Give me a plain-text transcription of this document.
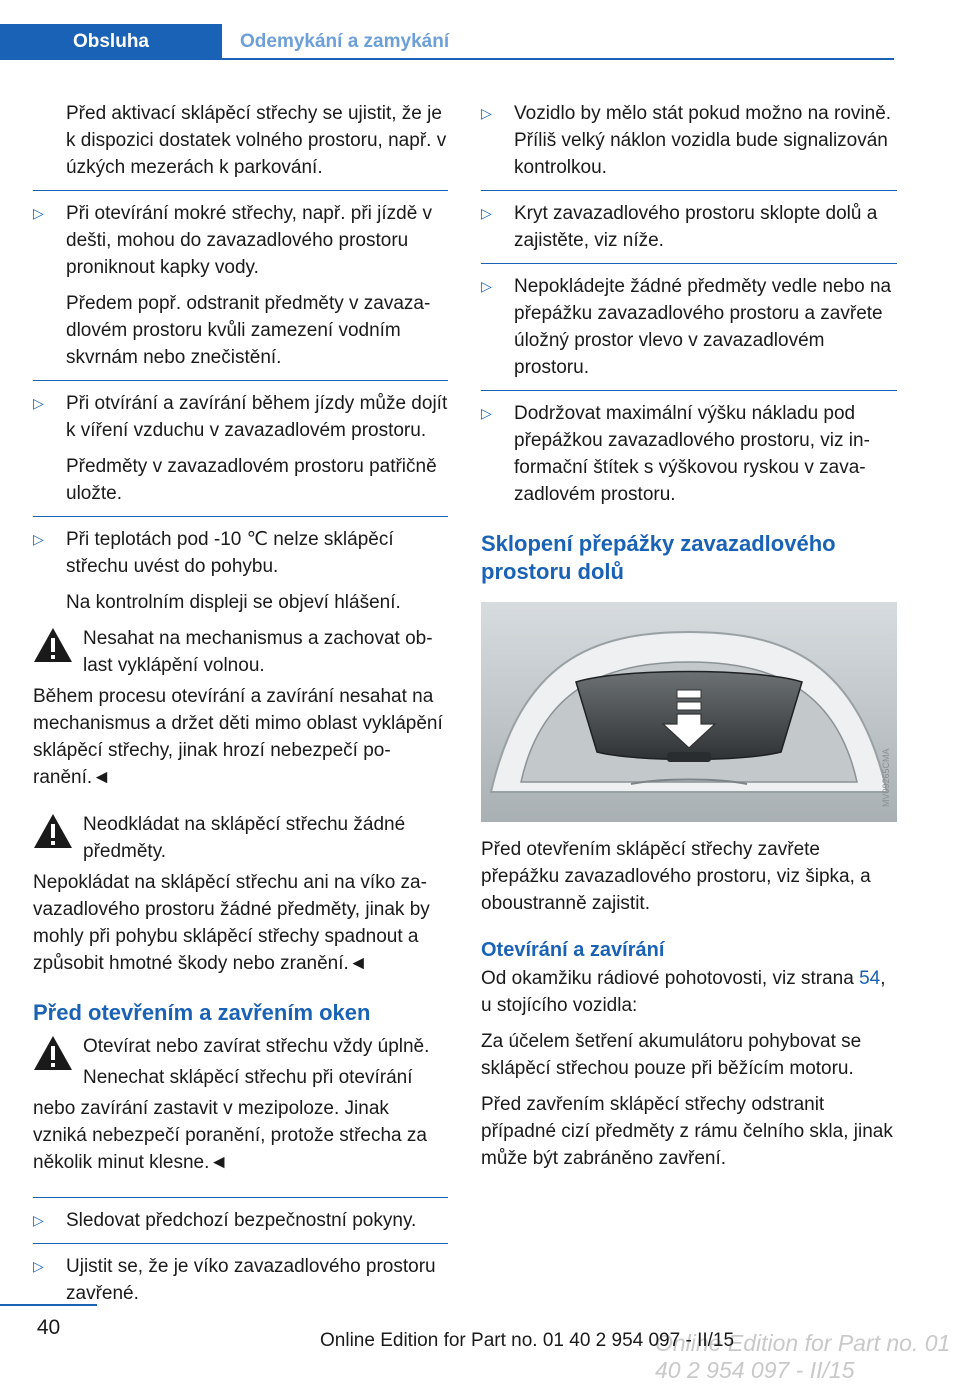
Obsluha	Odemykání a zamykání

Před aktivací sklápěcí střechy se ujistit, že je k dispozici dostatek volného prostoru, např. v úzkých mezerách k parkování.

▷	Při otevírání mokré střechy, např. při jízdě v dešti, mohou do zavazadlového prostoru proniknout kapky vody.

Předem popř. odstranit předměty v zavazadlovém prostoru kvůli zamezení vodním skvrnám nebo znečistění.

▷	Při otvírání a zavírání během jízdy může dojít k víření vzduchu v zavazadlovém prostoru.

Předměty v zavazadlovém prostoru patřičně uložte.

▷	Při teplotách pod -10 ℃ nelze sklápěcí střechu uvést do pohybu.

Na kontrolním displeji se objeví hlášení.

Nesahat na mechanismus a zachovat oblast vyklápění volnou.

Během procesu otevírání a zavírání nesahat na mechanismus a držet děti mimo oblast vyklápění sklápěcí střechy, jinak hrozí nebezpečí poranění.◄

Neodkládat na sklápěcí střechu žádné předměty.

Nepokládat na sklápěcí střechu ani na víko zavazadlového prostoru žádné předměty, jinak by mohly při pohybu sklápěcí střechy spadnout a způsobit hmotné škody nebo zranění.◄

Před otevřením a zavřením oken

Otevírat nebo zavírat střechu vždy úplně.

Nenechat sklápěcí střechu při otevírání

nebo zavírání zastavit v mezipoloze. Jinak vzniká nebezpečí poranění, protože střecha za několik minut klesne.◄

▷	Sledovat předchozí bezpečnostní pokyny.

▷	Ujistit se, že je víko zavazadlového prostoru zavřené.

▷	Vozidlo by mělo stát pokud možno na rovině. Příliš velký náklon vozidla bude signalizován kontrolkou.

▷	Kryt zavazadlového prostoru sklopte dolů a zajistěte, viz níže.

▷	Nepokládejte žádné předměty vedle nebo na přepážku zavazadlového prostoru a zavřete úložný prostor vlevo v zavazadlovém prostoru.

▷	Dodržovat maximální výšku nákladu pod přepážkou zavazadlového prostoru, viz informační štítek s výškovou ryskou v zavazadlovém prostoru.

Sklopení přepážky zavazadlového prostoru dolů
MV09265CMA

Před otevřením sklápěcí střechy zavřete přepážku zavazadlového prostoru, viz šipka, a oboustranně zajistit.

Otevírání a zavírání

Od okamžiku rádiové pohotovosti, viz strana 54, u stojícího vozidla:

Za účelem šetření akumulátoru pohybovat se sklápěcí střechou pouze při běžícím motoru.

Před zavřením sklápěcí střechy odstranit případné cizí předměty z rámu čelního skla, jinak může být zabráněno zavření.

40
Online Edition for Part no. 01 40 2 954 097 - II/15
Online Edition for Part no. 01 40 2 954 097 - II/15
